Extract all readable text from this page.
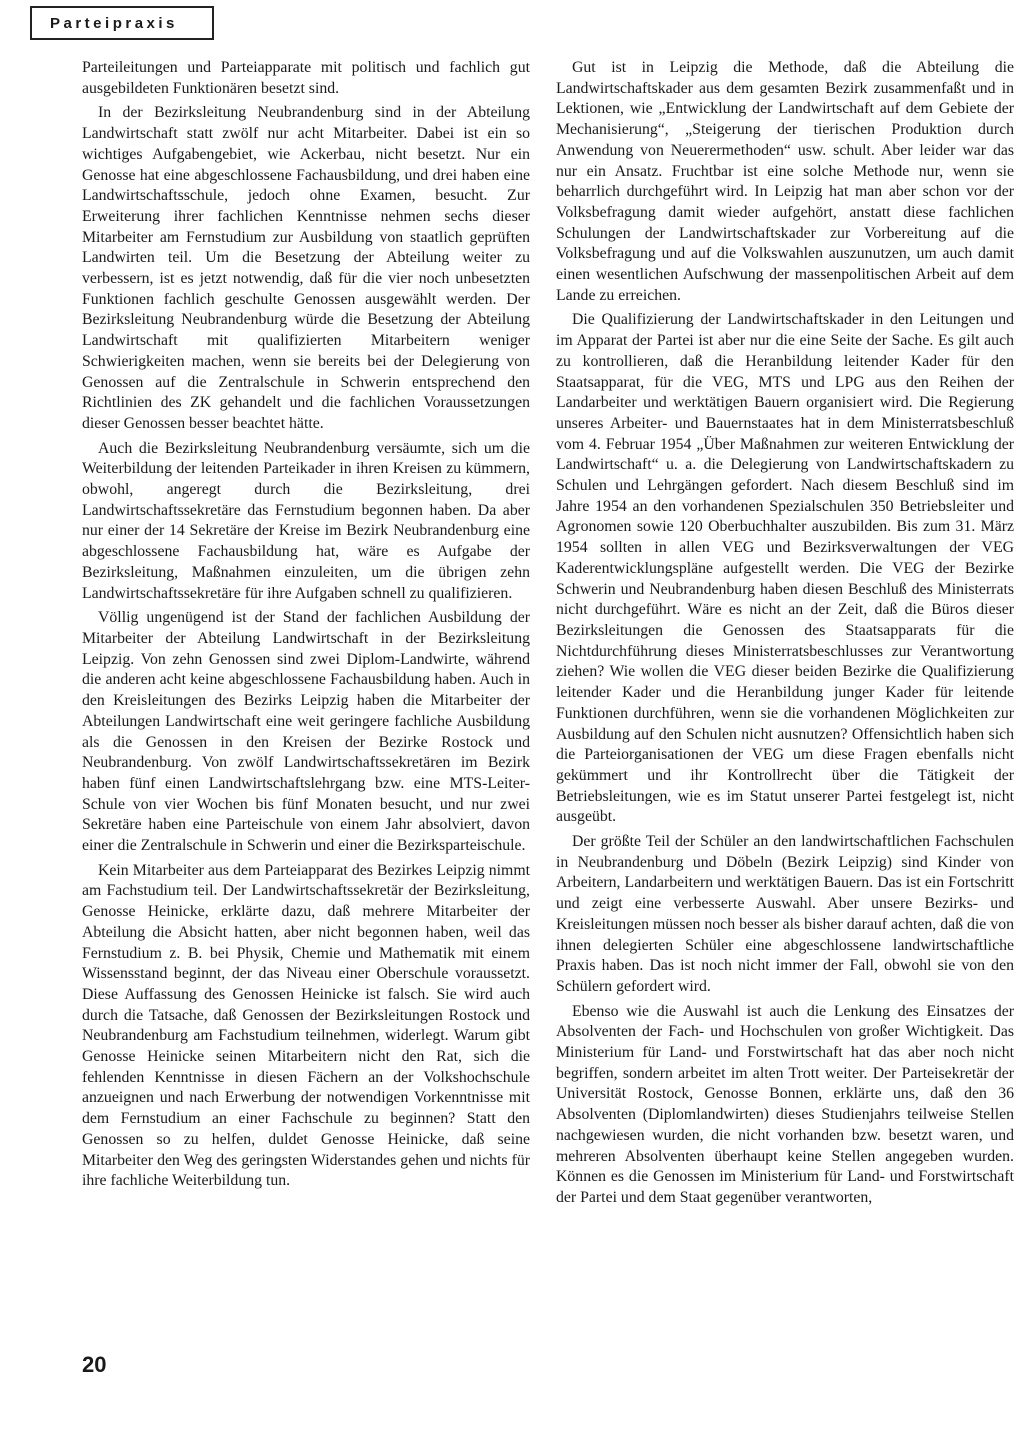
Parteipraxis

Parteileitungen und Parteiapparate mit politisch und fachlich gut ausgebildeten Funktionären besetzt sind.

In der Bezirksleitung Neubrandenburg sind in der Abteilung Landwirtschaft statt zwölf nur acht Mitarbeiter. Dabei ist ein so wichtiges Aufgabengebiet, wie Ackerbau, nicht besetzt. Nur ein Genosse hat eine abgeschlossene Fachausbildung, und drei haben eine Landwirtschaftsschule, jedoch ohne Examen, besucht. Zur Erweiterung ihrer fachlichen Kenntnisse nehmen sechs dieser Mitarbeiter am Fernstudium zur Ausbildung von staatlich geprüften Landwirten teil. Um die Besetzung der Abteilung weiter zu verbessern, ist es jetzt notwendig, daß für die vier noch unbesetzten Funktionen fachlich geschulte Genossen ausgewählt werden. Der Bezirksleitung Neubrandenburg würde die Besetzung der Abteilung Landwirtschaft mit qualifizierten Mitarbeitern weniger Schwierigkeiten machen, wenn sie bereits bei der Delegierung von Genossen auf die Zentralschule in Schwerin entsprechend den Richtlinien des ZK gehandelt und die fachlichen Voraussetzungen dieser Genossen besser beachtet hätte.

Auch die Bezirksleitung Neubrandenburg versäumte, sich um die Weiterbildung der leitenden Parteikader in ihren Kreisen zu kümmern, obwohl, angeregt durch die Bezirksleitung, drei Landwirtschaftssekretäre das Fernstudium begonnen haben. Da aber nur einer der 14 Sekretäre der Kreise im Bezirk Neubrandenburg eine abgeschlossene Fachausbildung hat, wäre es Aufgabe der Bezirksleitung, Maßnahmen einzuleiten, um die übrigen zehn Landwirtschaftssekretäre für ihre Aufgaben schnell zu qualifizieren.

Völlig ungenügend ist der Stand der fachlichen Ausbildung der Mitarbeiter der Abteilung Landwirtschaft in der Bezirksleitung Leipzig. Von zehn Genossen sind zwei Diplom-Landwirte, während die anderen acht keine abgeschlossene Fachausbildung haben. Auch in den Kreisleitungen des Bezirks Leipzig haben die Mitarbeiter der Abteilungen Landwirtschaft eine weit geringere fachliche Ausbildung als die Genossen in den Kreisen der Bezirke Rostock und Neubrandenburg. Von zwölf Landwirtschaftssekretären im Bezirk haben fünf einen Landwirtschaftslehrgang bzw. eine MTS-Leiter-Schule von vier Wochen bis fünf Monaten besucht, und nur zwei Sekretäre haben eine Parteischule von einem Jahr absolviert, davon einer die Zentralschule in Schwerin und einer die Bezirksparteischule.

Kein Mitarbeiter aus dem Parteiapparat des Bezirkes Leipzig nimmt am Fachstudium teil. Der Landwirtschaftssekretär der Bezirksleitung, Genosse Heinicke, erklärte dazu, daß mehrere Mitarbeiter der Abteilung die Absicht hatten, aber nicht begonnen haben, weil das Fernstudium z. B. bei Physik, Chemie und Mathematik mit einem Wissensstand beginnt, der das Niveau einer Oberschule voraussetzt. Diese Auffassung des Genossen Heinicke ist falsch. Sie wird auch durch die Tatsache, daß Genossen der Bezirksleitungen Rostock und Neubrandenburg am Fachstudium teilnehmen, widerlegt. Warum gibt Genosse Heinicke seinen Mitarbeitern nicht den Rat, sich die fehlenden Kenntnisse in diesen Fächern an der Volkshochschule anzueignen und nach Erwerbung der notwendigen Vorkenntnisse mit dem Fernstudium an einer Fachschule zu beginnen? Statt den Genossen so zu helfen, duldet Genosse Heinicke, daß seine Mitarbeiter den Weg des geringsten Widerstandes gehen und nichts für ihre fachliche Weiterbildung tun.

Gut ist in Leipzig die Methode, daß die Abteilung die Landwirtschaftskader aus dem gesamten Bezirk zusammenfaßt und in Lektionen, wie „Entwicklung der Landwirtschaft auf dem Gebiete der Mechanisierung“, „Steigerung der tierischen Produktion durch Anwendung von Neuerermethoden“ usw. schult. Aber leider war das nur ein Ansatz. Fruchtbar ist eine solche Methode nur, wenn sie beharrlich durchgeführt wird. In Leipzig hat man aber schon vor der Volksbefragung damit wieder aufgehört, anstatt diese fachlichen Schulungen der Landwirtschaftskader zur Vorbereitung auf die Volksbefragung und auf die Volkswahlen auszunutzen, um auch damit einen wesentlichen Aufschwung der massenpolitischen Arbeit auf dem Lande zu erreichen.

Die Qualifizierung der Landwirtschaftskader in den Leitungen und im Apparat der Partei ist aber nur die eine Seite der Sache. Es gilt auch zu kontrollieren, daß die Heranbildung leitender Kader für den Staatsapparat, für die VEG, MTS und LPG aus den Reihen der Landarbeiter und werktätigen Bauern organisiert wird. Die Regierung unseres Arbeiter- und Bauernstaates hat in dem Ministerratsbeschluß vom 4. Februar 1954 „Über Maßnahmen zur weiteren Entwicklung der Landwirtschaft“ u. a. die Delegierung von Landwirtschaftskadern zu Schulen und Lehrgängen gefordert. Nach diesem Beschluß sind im Jahre 1954 an den vorhandenen Spezialschulen 350 Betriebsleiter und Agronomen sowie 120 Oberbuchhalter auszubilden. Bis zum 31. März 1954 sollten in allen VEG und Bezirksverwaltungen der VEG Kaderentwicklungspläne aufgestellt werden. Die VEG der Bezirke Schwerin und Neubrandenburg haben diesen Beschluß des Ministerrats nicht durchgeführt. Wäre es nicht an der Zeit, daß die Büros dieser Bezirksleitungen die Genossen des Staatsapparats für die Nichtdurchführung dieses Ministerratsbeschlusses zur Verantwortung ziehen? Wie wollen die VEG dieser beiden Bezirke die Qualifizierung leitender Kader und die Heranbildung junger Kader für leitende Funktionen durchführen, wenn sie die vorhandenen Möglichkeiten zur Ausbildung auf den Schulen nicht ausnutzen? Offensichtlich haben sich die Parteiorganisationen der VEG um diese Fragen ebenfalls nicht gekümmert und ihr Kontrollrecht über die Tätigkeit der Betriebsleitungen, wie es im Statut unserer Partei festgelegt ist, nicht ausgeübt.

Der größte Teil der Schüler an den landwirtschaftlichen Fachschulen in Neubrandenburg und Döbeln (Bezirk Leipzig) sind Kinder von Arbeitern, Landarbeitern und werktätigen Bauern. Das ist ein Fortschritt und zeigt eine verbesserte Auswahl. Aber unsere Bezirks- und Kreisleitungen müssen noch besser als bisher darauf achten, daß die von ihnen delegierten Schüler eine abgeschlossene landwirtschaftliche Praxis haben. Das ist noch nicht immer der Fall, obwohl sie von den Schülern gefordert wird.

Ebenso wie die Auswahl ist auch die Lenkung des Einsatzes der Absolventen der Fach- und Hochschulen von großer Wichtigkeit. Das Ministerium für Land- und Forstwirtschaft hat das aber noch nicht begriffen, sondern arbeitet im alten Trott weiter. Der Parteisekretär der Universität Rostock, Genosse Bonnen, erklärte uns, daß den 36 Absolventen (Diplomlandwirten) dieses Studienjahrs teilweise Stellen nachgewiesen wurden, die nicht vorhanden bzw. besetzt waren, und mehreren Absolventen überhaupt keine Stellen angegeben wurden. Können es die Genossen im Ministerium für Land- und Forstwirtschaft der Partei und dem Staat gegenüber verantworten,

20
